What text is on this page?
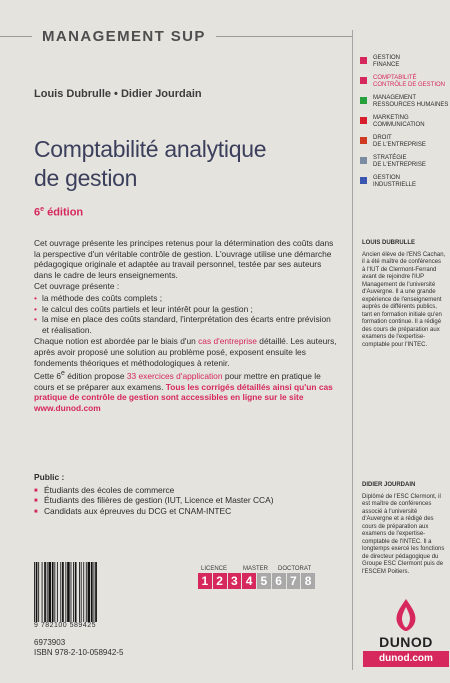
MANAGEMENT SUP
GESTION
FINANCE
COMPTABILITÉ
CONTRÔLE DE GESTION
MANAGEMENT
RESSOURCES HUMAINES
MARKETING
COMMUNICATION
DROIT
DE L'ENTREPRISE
STRATÉGIE
DE L'ENTREPRISE
GESTION
INDUSTRIELLE
Louis Dubrulle • Didier Jourdain
Comptabilité analytique
de gestion
6e édition

Cet ouvrage présente les principes retenus pour la détermination des coûts dans la perspective d'un véritable contrôle de gestion. L'ouvrage utilise une démarche pédagogique originale et adaptée au travail personnel, testée par ses auteurs dans le cadre de leurs enseignements.

Cet ouvrage présente :

• la méthode des coûts complets ;
• le calcul des coûts partiels et leur intérêt pour la gestion ;
• la mise en place des coûts standard, l'interprétation des écarts entre prévision et réalisation.

Chaque notion est abordée par le biais d'un cas d'entreprise détaillé. Les auteurs, après avoir proposé une solution au problème posé, exposent ensuite les fondements théoriques et méthodologiques à retenir.

Cette 6e édition propose 33 exercices d'application pour mettre en pratique le cours et se préparer aux examens. Tous les corrigés détaillés ainsi qu'un cas pratique de contrôle de gestion sont accessibles en ligne sur le site www.dunod.com

Public :
■ Étudiants des écoles de commerce
■ Étudiants des filières de gestion (IUT, Licence et Master CCA)
■ Candidats aux épreuves du DCG et CNAM-INTEC
LOUIS DUBRULLE
Ancien élève de l'ENS Cachan, il a été maître de conférences à l'IUT de Clermont-Ferrand avant de rejoindre l'IUP Management de l'université d'Auvergne. Il a une grande expérience de l'enseignement auprès de différents publics, tant en formation initiale qu'en formation continue. Il a rédigé des cours de préparation aux examens de l'expertise-comptable pour l'INTEC.
DIDIER JOURDAIN
Diplômé de l'ESC Clermont, il est maître de conférences associé à l'université d'Auvergne et a rédigé des cours de préparation aux examens de l'expertise-comptable de l'INTEC. Il a longtemps exercé les fonctions de directeur pédagogique du Groupe ESC Clermont puis de l'ESCEM Poitiers.
LICENCE	MASTER	DOCTORAT
1 2 3 4 5 6 7 8
9 782100 589425
6973903
ISBN 978-2-10-058942-5
DUNOD
dunod.com
